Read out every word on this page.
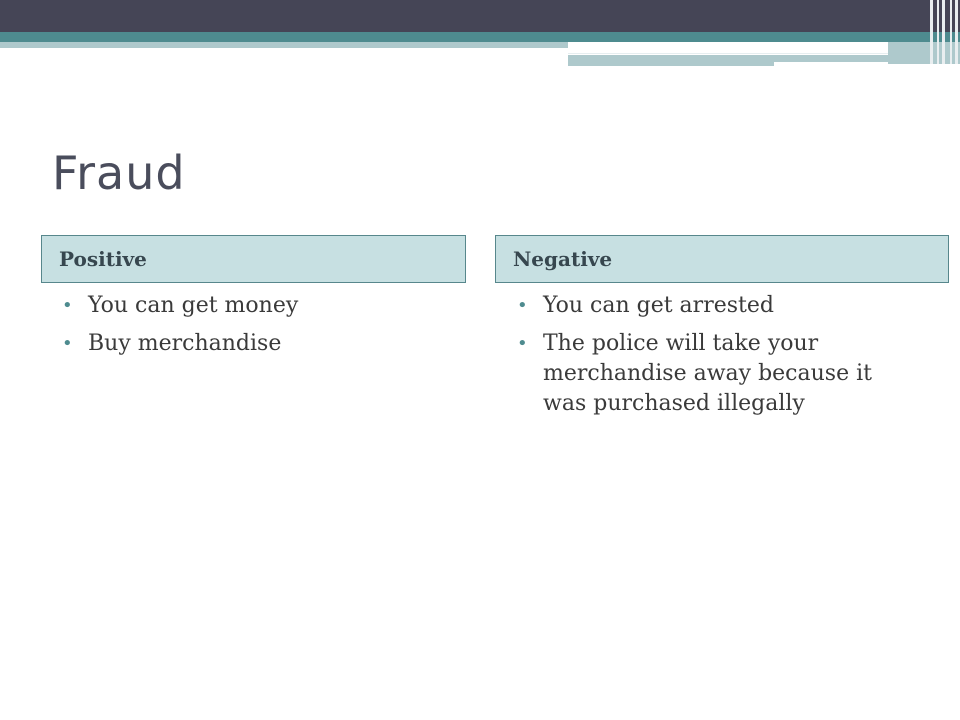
Fraud
Positive	Negative
• You can get money
• Buy merchandise
• You can get arrested
• The police will take your merchandise away because it was purchased illegally
